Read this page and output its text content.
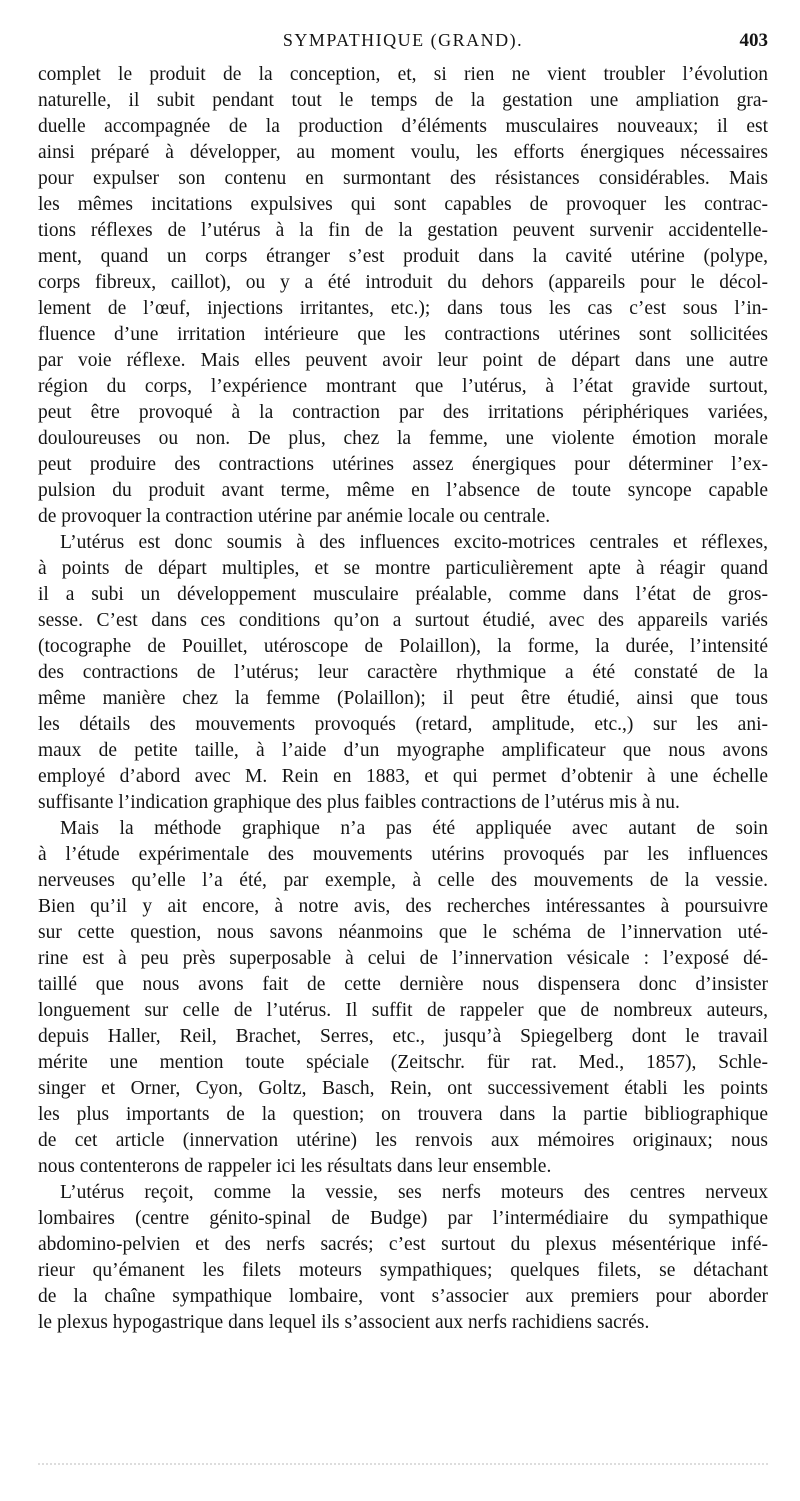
SYMPATHIQUE (GRAND).	403
complet le produit de la conception, et, si rien ne vient troubler l’évolution
naturelle, il subit pendant tout le temps de la gestation une ampliation gra-
duelle accompagnée de la production d’éléments musculaires nouveaux; il est
ainsi préparé à développer, au moment voulu, les efforts énergiques nécessaires
pour expulser son contenu en surmontant des résistances considérables. Mais
les mêmes incitations expulsives qui sont capables de provoquer les contrac-
tions réflexes de l’utérus à la fin de la gestation peuvent survenir accidentelle-
ment, quand un corps étranger s’est produit dans la cavité utérine (polype,
corps fibreux, caillot), ou y a été introduit du dehors (appareils pour le décol-
lement de l’œuf, injections irritantes, etc.); dans tous les cas c’est sous l’in-
fluence d’une irritation intérieure que les contractions utérines sont sollicitées
par voie réflexe. Mais elles peuvent avoir leur point de départ dans une autre
région du corps, l’expérience montrant que l’utérus, à l’état gravide surtout,
peut être provoqué à la contraction par des irritations périphériques variées,
douloureuses ou non. De plus, chez la femme, une violente émotion morale
peut produire des contractions utérines assez énergiques pour déterminer l’ex-
pulsion du produit avant terme, même en l’absence de toute syncope capable
de provoquer la contraction utérine par anémie locale ou centrale.
L’utérus est donc soumis à des influences excito-motrices centrales et réflexes,
à points de départ multiples, et se montre particulièrement apte à réagir quand
il a subi un développement musculaire préalable, comme dans l’état de gros-
sesse. C’est dans ces conditions qu’on a surtout étudié, avec des appareils variés
(tocographe de Pouillet, utéroscope de Polaillon), la forme, la durée, l’intensité
des contractions de l’utérus; leur caractère rhythmique a été constaté de la
même manière chez la femme (Polaillon); il peut être étudié, ainsi que tous
les détails des mouvements provoqués (retard, amplitude, etc.,) sur les ani-
maux de petite taille, à l’aide d’un myographe amplificateur que nous avons
employé d’abord avec M. Rein en 1883, et qui permet d’obtenir à une échelle
suffisante l’indication graphique des plus faibles contractions de l’utérus mis à nu.
Mais la méthode graphique n’a pas été appliquée avec autant de soin
à l’étude expérimentale des mouvements utérins provoqués par les influences
nerveuses qu’elle l’a été, par exemple, à celle des mouvements de la vessie.
Bien qu’il y ait encore, à notre avis, des recherches intéressantes à poursuivre
sur cette question, nous savons néanmoins que le schéma de l’innervation uté-
rine est à peu près superposable à celui de l’innervation vésicale : l’exposé dé-
taillé que nous avons fait de cette dernière nous dispensera donc d’insister
longuement sur celle de l’utérus. Il suffit de rappeler que de nombreux auteurs,
depuis Haller, Reil, Brachet, Serres, etc., jusqu’à Spiegelberg dont le travail
mérite une mention toute spéciale (Zeitschr. für rat. Med., 1857), Schle-
singer et Orner, Cyon, Goltz, Basch, Rein, ont successivement établi les points
les plus importants de la question; on trouvera dans la partie bibliographique
de cet article (innervation utérine) les renvois aux mémoires originaux; nous
nous contenterons de rappeler ici les résultats dans leur ensemble.
L’utérus reçoit, comme la vessie, ses nerfs moteurs des centres nerveux
lombaires (centre génito-spinal de Budge) par l’intermédiaire du sympathique
abdomino-pelvien et des nerfs sacrés; c’est surtout du plexus mésentérique infé-
rieur qu’émanent les filets moteurs sympathiques; quelques filets, se détachant
de la chaîne sympathique lombaire, vont s’associer aux premiers pour aborder
le plexus hypogastrique dans lequel ils s’associent aux nerfs rachidiens sacrés.
